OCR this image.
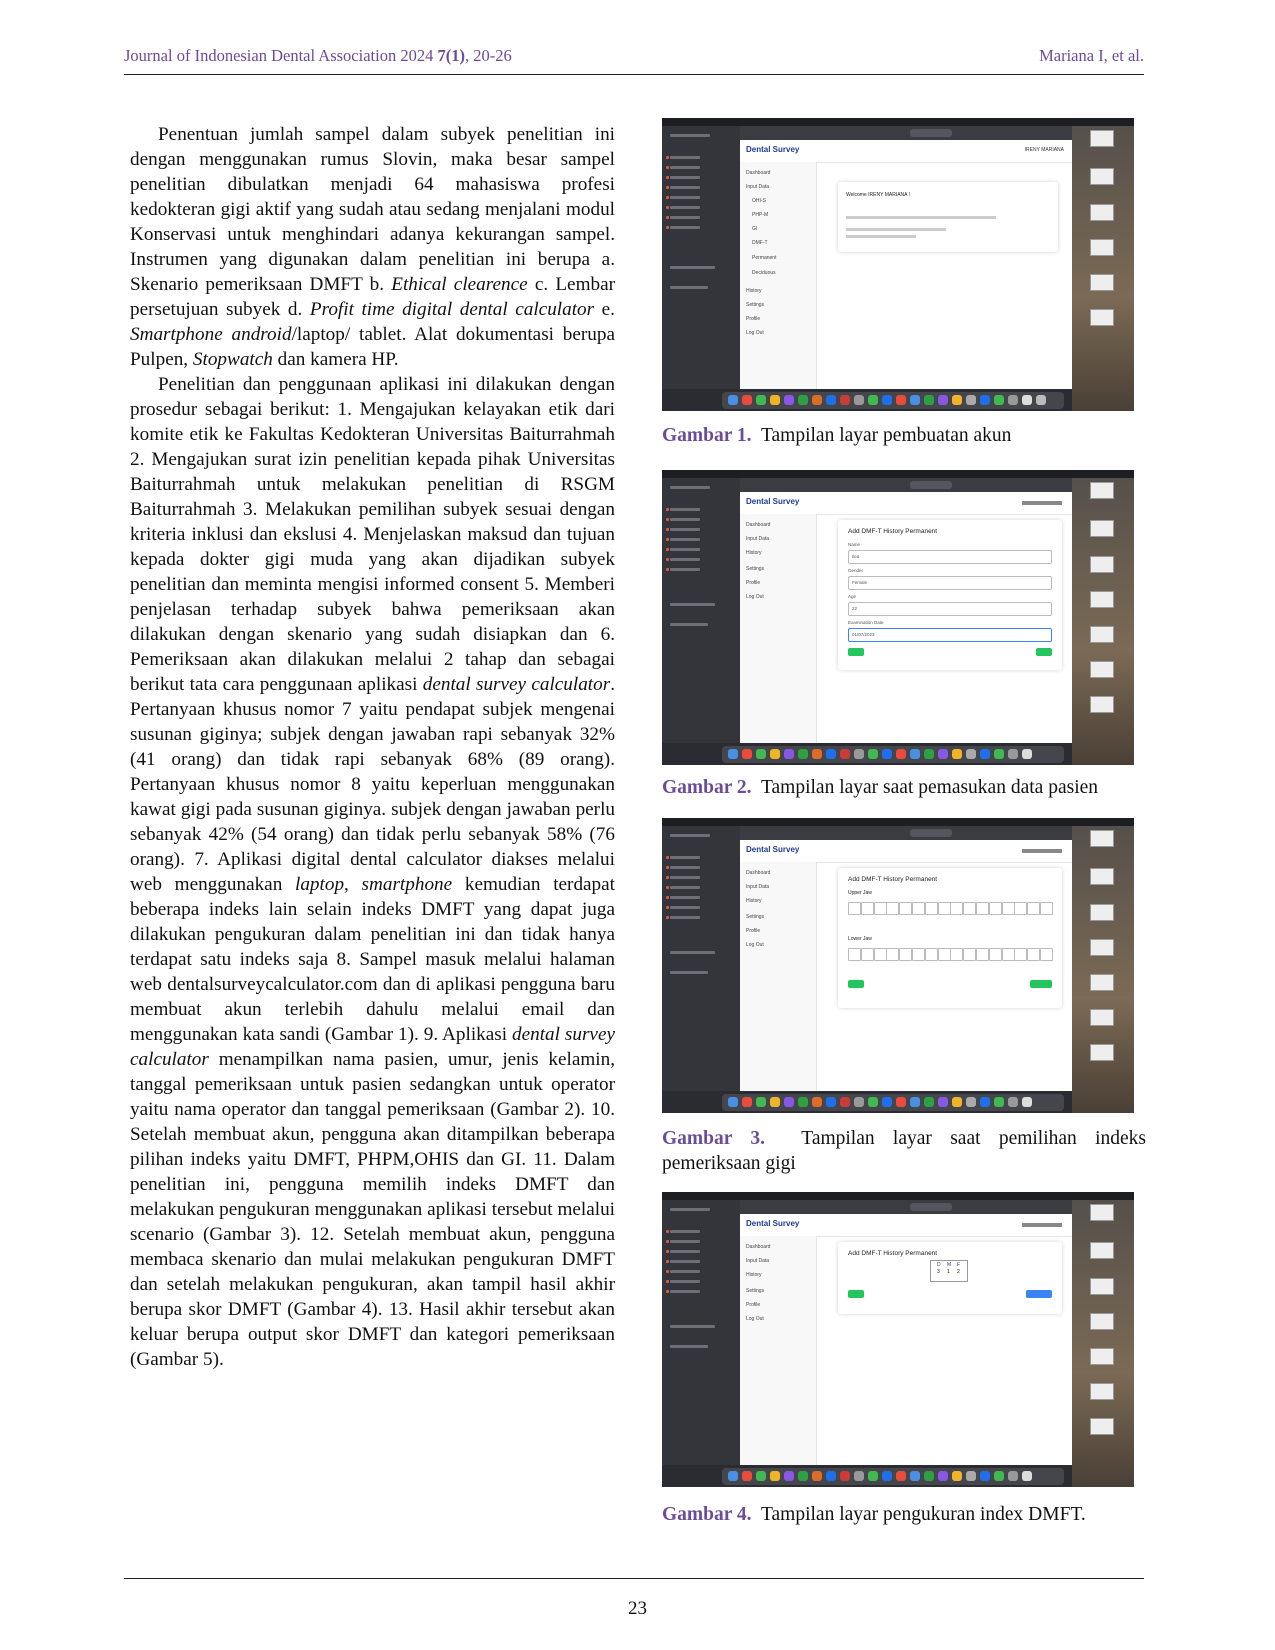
Journal of Indonesian Dental Association 2024 7(1), 20-26	Mariana I, et al.

Penentuan jumlah sampel dalam subyek penelitian ini dengan menggunakan rumus Slovin, maka besar sampel penelitian dibulatkan menjadi 64 mahasiswa profesi kedokteran gigi aktif yang sudah atau sedang menjalani modul Konservasi untuk menghindari adanya kekurangan sampel. Instrumen yang digunakan dalam penelitian ini berupa a. Skenario pemeriksaan DMFT b. Ethical clearence c. Lembar persetujuan subyek d. Profit time digital dental calculator e. Smartphone android/laptop/ tablet. Alat dokumentasi berupa Pulpen, Stopwatch dan kamera HP.

Penelitian dan penggunaan aplikasi ini dilakukan dengan prosedur sebagai berikut: 1. Mengajukan kelayakan etik dari komite etik ke Fakultas Kedokteran Universitas Baiturrahmah 2. Mengajukan surat izin penelitian kepada pihak Universitas Baiturrahmah untuk melakukan penelitian di RSGM Baiturrahmah 3. Melakukan pemilihan subyek sesuai dengan kriteria inklusi dan ekslusi 4. Menjelaskan maksud dan tujuan kepada dokter gigi muda yang akan dijadikan subyek penelitian dan meminta mengisi informed consent 5. Memberi penjelasan terhadap subyek bahwa pemeriksaan akan dilakukan dengan skenario yang sudah disiapkan dan 6. Pemeriksaan akan dilakukan melalui 2 tahap dan sebagai berikut tata cara penggunaan aplikasi dental survey calculator. Pertanyaan khusus nomor 7 yaitu pendapat subjek mengenai susunan giginya; subjek dengan jawaban rapi sebanyak 32% (41 orang) dan tidak rapi sebanyak 68% (89 orang). Pertanyaan khusus nomor 8 yaitu keperluan menggunakan kawat gigi pada susunan giginya. subjek dengan jawaban perlu sebanyak 42% (54 orang) dan tidak perlu sebanyak 58% (76 orang). 7. Aplikasi digital dental calculator diakses melalui web menggunakan laptop, smartphone kemudian terdapat beberapa indeks lain selain indeks DMFT yang dapat juga dilakukan pengukuran dalam penelitian ini dan tidak hanya terdapat satu indeks saja 8. Sampel masuk melalui halaman web dentalsurveycalculator.com dan di aplikasi pengguna baru membuat akun terlebih dahulu melalui email dan menggunakan kata sandi (Gambar 1). 9. Aplikasi dental survey calculator menampilkan nama pasien, umur, jenis kelamin, tanggal pemeriksaan untuk pasien sedangkan untuk operator yaitu nama operator dan tanggal pemeriksaan (Gambar 2). 10. Setelah membuat akun, pengguna akan ditampilkan beberapa pilihan indeks yaitu DMFT, PHPM,OHIS dan GI. 11. Dalam penelitian ini, pengguna memilih indeks DMFT dan melakukan pengukuran menggunakan aplikasi tersebut melalui scenario (Gambar 3). 12. Setelah membuat akun, pengguna membaca skenario dan mulai melakukan pengukuran DMFT dan setelah melakukan pengukuran, akan tampil hasil akhir berupa skor DMFT (Gambar 4). 13. Hasil akhir tersebut akan keluar berupa output skor DMFT dan kategori pemeriksaan (Gambar 5).

Dental Survey	IRENY MARIANA
Dashboard
Input Data
OHI-S
PHP-M
GI
DMF-T
Permanent
Deciduous
History
Settings
Profile
Log Out
Welcome IRENY MARIANA !
Gambar 1. Tampilan layar pembuatan akun
Dental Survey
Dashboard
Input Data
History
Settings
Profile
Log Out
Add DMF-T History Permanent
Name
Ilea
Gender
Female
Age
22
Examination Date
01/07/2023
Gambar 2. Tampilan layar saat pemasukan data pasien
Dental Survey
Dashboard
Input Data
History
Settings
Profile
Log Out
Add DMF-T History Permanent
Upper Jaw
Lower Jaw
Gambar 3. Tampilan layar saat pemilihan indeks pemeriksaan gigi
Dental Survey
Dashboard
Input Data
History
Settings
Profile
Log Out
Add DMF-T History Permanent
D M F
3 1 2
Gambar 4. Tampilan layar pengukuran index DMFT.
23
